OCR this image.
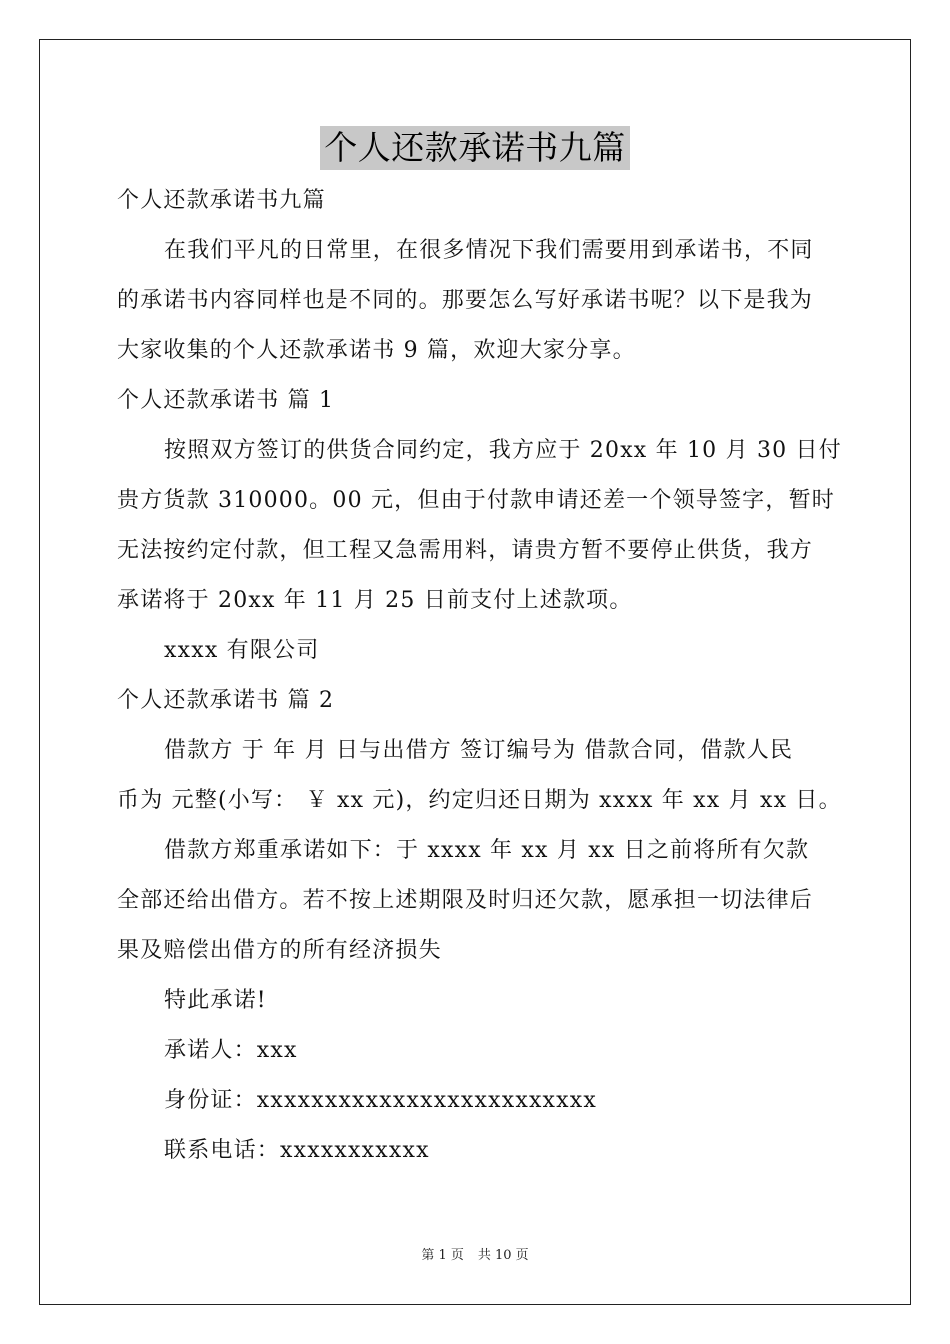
个人还款承诺书九篇
个人还款承诺书九篇
在我们平凡的日常里，在很多情况下我们需要用到承诺书，不同
的承诺书内容同样也是不同的。那要怎么写好承诺书呢？以下是我为
大家收集的个人还款承诺书 9 篇，欢迎大家分享。
个人还款承诺书 篇 1
按照双方签订的供货合同约定，我方应于 20xx 年 10 月 30 日付
贵方货款 310000。00 元，但由于付款申请还差一个领导签字，暂时
无法按约定付款，但工程又急需用料，请贵方暂不要停止供货，我方
承诺将于 20xx 年 11 月 25 日前支付上述款项。
xxxx 有限公司
个人还款承诺书 篇 2
借款方 于 年 月 日与出借方 签订编号为 借款合同，借款人民
币为 元整(小写： ￥ xx 元)，约定归还日期为 xxxx 年 xx 月 xx 日。
借款方郑重承诺如下：于 xxxx 年 xx 月 xx 日之前将所有欠款
全部还给出借方。若不按上述期限及时归还欠款，愿承担一切法律后
果及赔偿出借方的所有经济损失
特此承诺!
承诺人：xxx
身份证：xxxxxxxxxxxxxxxxxxxxxxxxx
联系电话：xxxxxxxxxxx
第 1 页 共 10 页
